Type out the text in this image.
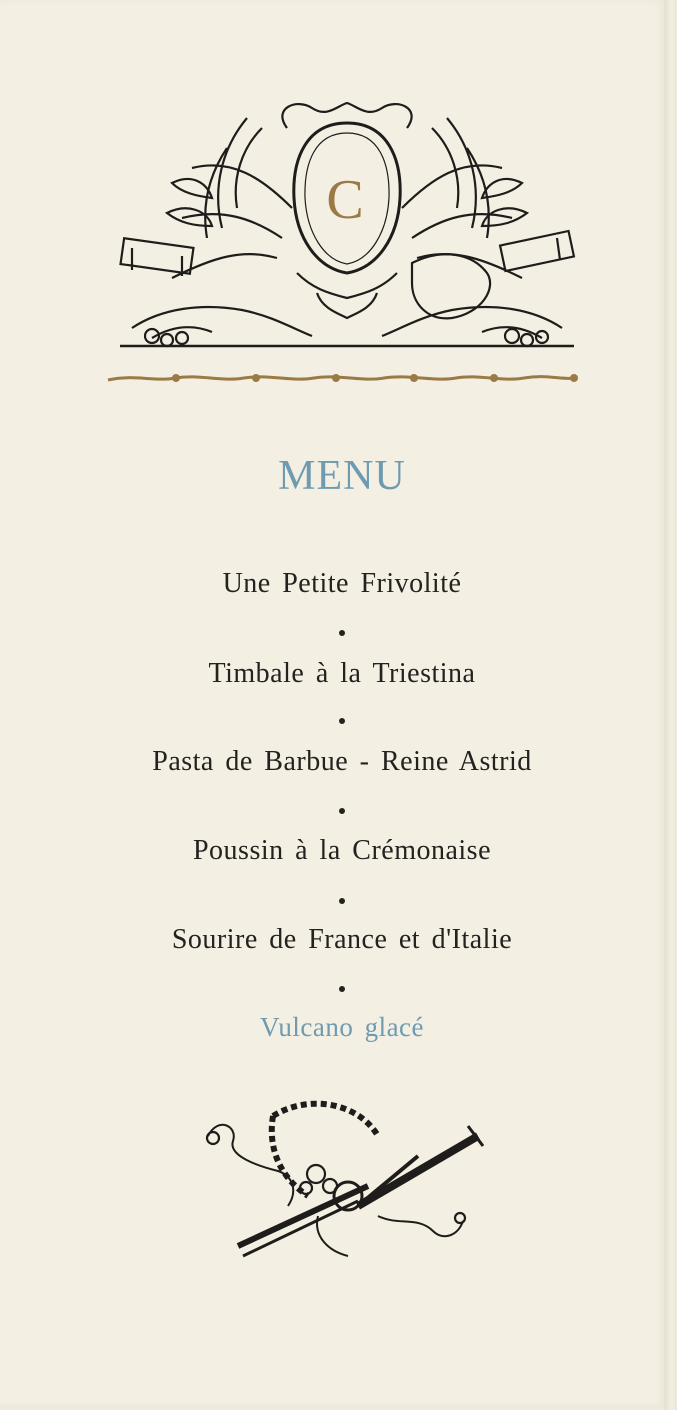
C
MENU
Une Petite Frivolité
Timbale à la Triestina
Pasta de Barbue - Reine Astrid
Poussin à la Crémonaise
Sourire de France et d'Italie
Vulcano glacé
